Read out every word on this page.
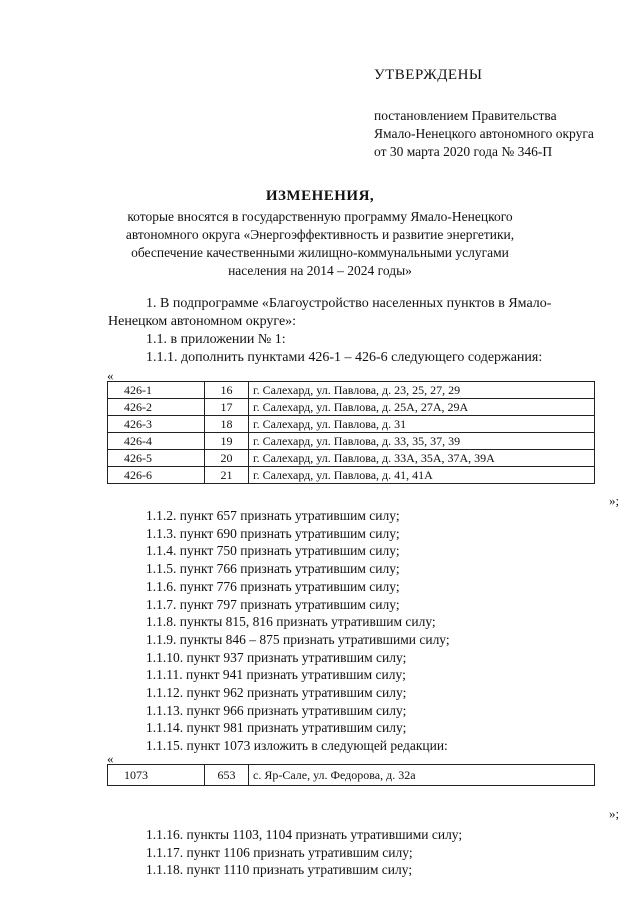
УТВЕРЖДЕНЫ
постановлением Правительства
Ямало-Ненецкого автономного округа
от 30 марта 2020 года № 346-П
ИЗМЕНЕНИЯ,
которые вносятся в государственную программу Ямало-Ненецкого
автономного округа «Энергоэффективность и развитие энергетики,
обеспечение качественными жилищно-коммунальными услугами
населения на 2014 – 2024 годы»
1. В подпрограмме «Благоустройство населенных пунктов в Ямало-
Ненецком автономном округе»:
1.1. в приложении № 1:
1.1.1. дополнить пунктами 426-1 – 426-6 следующего содержания:
«
426-1	16	г. Салехард, ул. Павлова, д. 23, 25, 27, 29
426-2	17	г. Салехард, ул. Павлова, д. 25А, 27А, 29А
426-3	18	г. Салехард, ул. Павлова, д. 31
426-4	19	г. Салехард, ул. Павлова, д. 33, 35, 37, 39
426-5	20	г. Салехард, ул. Павлова, д. 33А, 35А, 37А, 39А
426-6	21	г. Салехард, ул. Павлова, д. 41, 41А
»;
1.1.2. пункт 657 признать утратившим силу;
1.1.3. пункт 690 признать утратившим силу;
1.1.4. пункт 750 признать утратившим силу;
1.1.5. пункт 766 признать утратившим силу;
1.1.6. пункт 776 признать утратившим силу;
1.1.7. пункт 797 признать утратившим силу;
1.1.8. пункты 815, 816 признать утратившим силу;
1.1.9. пункты 846 – 875 признать утратившими силу;
1.1.10. пункт 937 признать утратившим силу;
1.1.11. пункт 941 признать утратившим силу;
1.1.12. пункт 962 признать утратившим силу;
1.1.13. пункт 966 признать утратившим силу;
1.1.14. пункт 981 признать утратившим силу;
1.1.15. пункт 1073 изложить в следующей редакции:
«
1073	653	с. Яр-Сале, ул. Федорова, д. 32а
»;
1.1.16. пункты 1103, 1104 признать утратившими силу;
1.1.17. пункт 1106 признать утратившим силу;
1.1.18. пункт 1110 признать утратившим силу;
